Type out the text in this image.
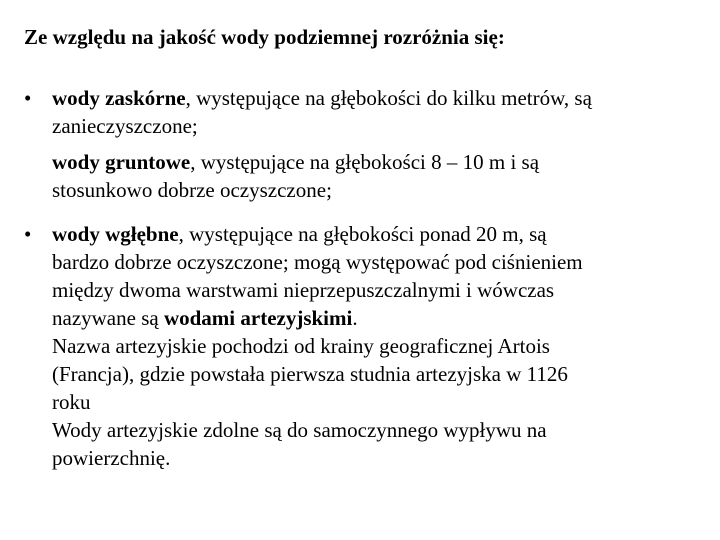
Ze względu na jakość wody podziemnej rozróżnia się:
• wody zaskórne, występujące na głębokości do kilku metrów, są
zanieczyszczone;
wody gruntowe, występujące na głębokości 8 – 10 m i są
stosunkowo dobrze oczyszczone;
• wody wgłębne, występujące na głębokości ponad 20 m, są
bardzo dobrze oczyszczone; mogą występować pod ciśnieniem
między dwoma warstwami nieprzepuszczalnymi i wówczas
nazywane są wodami artezyjskimi.
Nazwa artezyjskie pochodzi od krainy geograficznej Artois
(Francja), gdzie powstała pierwsza studnia artezyjska w 1126
roku
Wody artezyjskie zdolne są do samoczynnego wypływu na
powierzchnię.
